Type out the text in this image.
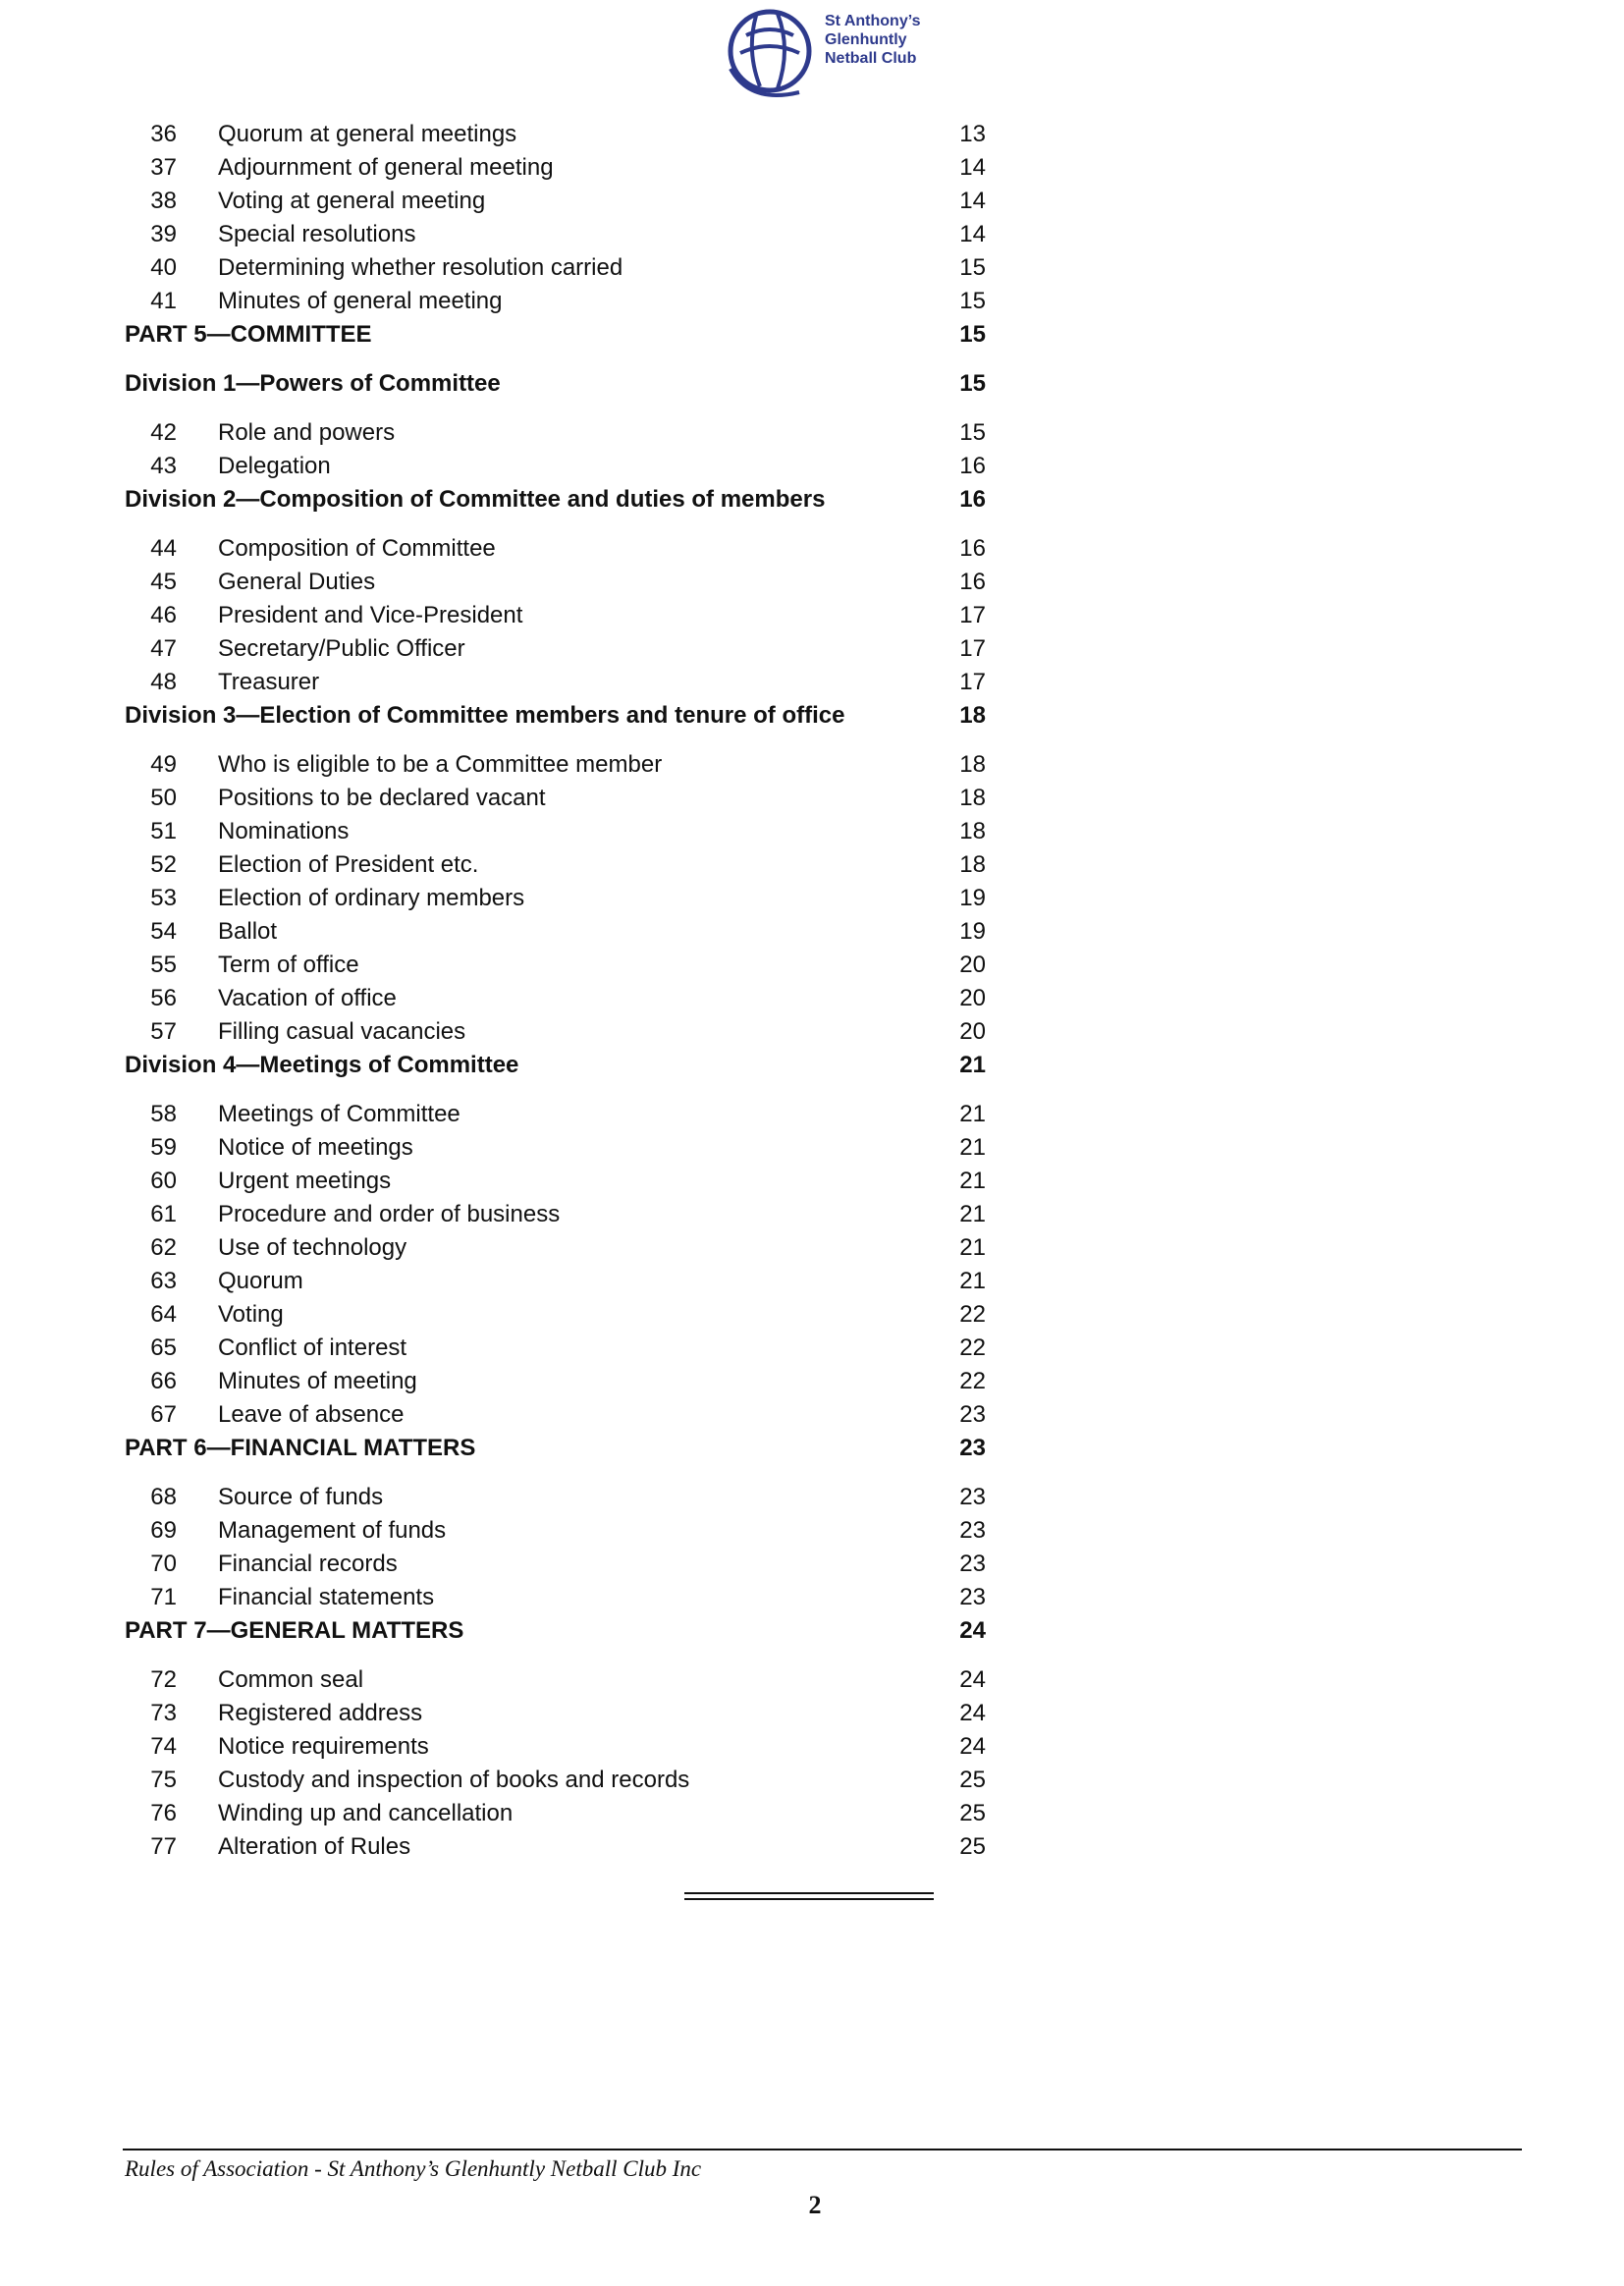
St Anthony’s
Glenhuntly
Netball Club
36 Quorum at general meetings	13
37 Adjournment of general meeting	14
38 Voting at general meeting	14
39 Special resolutions	14
40 Determining whether resolution carried	15
41 Minutes of general meeting	15
PART 5—COMMITTEE	15
Division 1—Powers of Committee	15
42 Role and powers	15
43 Delegation	16
Division 2—Composition of Committee and duties of members	16
44 Composition of Committee	16
45 General Duties	16
46 President and Vice-President	17
47 Secretary/Public Officer	17
48 Treasurer	17
Division 3—Election of Committee members and tenure of office	18
49 Who is eligible to be a Committee member	18
50 Positions to be declared vacant	18
51 Nominations	18
52 Election of President etc.	18
53 Election of ordinary members	19
54 Ballot	19
55 Term of office	20
56 Vacation of office	20
57 Filling casual vacancies	20
Division 4—Meetings of Committee	21
58 Meetings of Committee	21
59 Notice of meetings	21
60 Urgent meetings	21
61 Procedure and order of business	21
62 Use of technology	21
63 Quorum	21
64 Voting	22
65 Conflict of interest	22
66 Minutes of meeting	22
67 Leave of absence	23
PART 6—FINANCIAL MATTERS	23
68 Source of funds	23
69 Management of funds	23
70 Financial records	23
71 Financial statements	23
PART 7—GENERAL MATTERS	24
72 Common seal	24
73 Registered address	24
74 Notice requirements	24
75 Custody and inspection of books and records	25
76 Winding up and cancellation	25
77 Alteration of Rules	25
Rules of Association - St Anthony’s Glenhuntly Netball Club Inc
2
